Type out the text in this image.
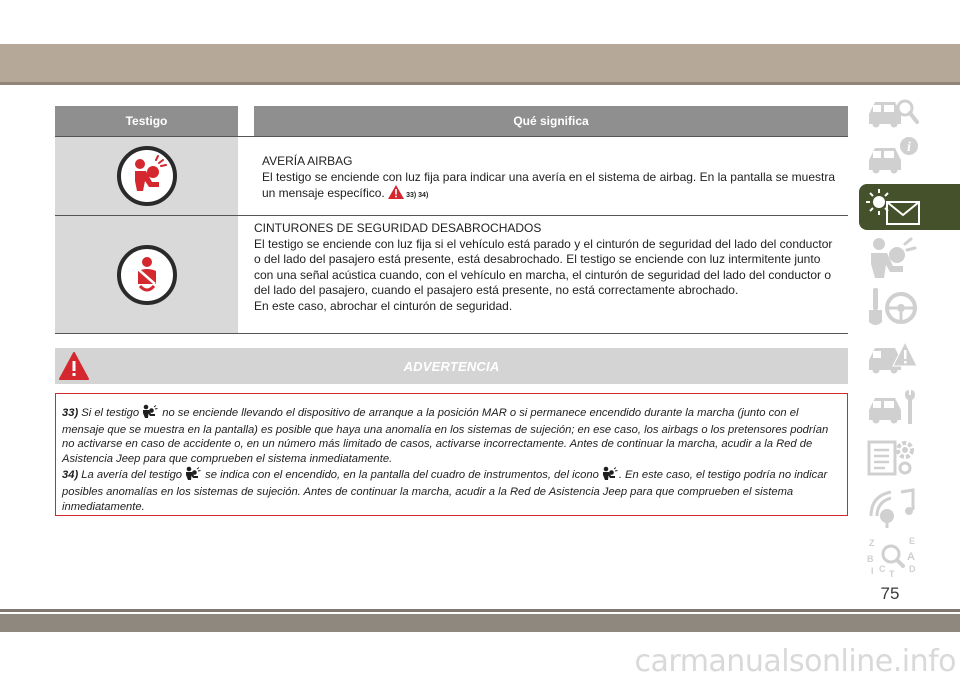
Testigo	Qué significa
AVERÍA AIRBAG
El testigo se enciende con luz fija para indicar una avería en el sistema de airbag. En la pantalla se muestra un mensaje específico.	33) 34)
CINTURONES DE SEGURIDAD DESABROCHADOS
El testigo se enciende con luz fija si el vehículo está parado y el cinturón de seguridad del lado del conductor o del lado del pasajero está presente, está desabrochado. El testigo se enciende con luz intermitente junto con una señal acústica cuando, con el vehículo en marcha, el cinturón de seguridad del lado del conductor o del lado del pasajero, cuando el pasajero está presente, no está correctamente abrochado.
En este caso, abrochar el cinturón de seguridad.
ADVERTENCIA

33) Si el testigo no se enciende llevando el dispositivo de arranque a la posición MAR o si permanece encendido durante la marcha (junto con el mensaje que se muestra en la pantalla) es posible que haya una anomalía en los sistemas de sujeción; en ese caso, los airbags o los pretensores podrían no activarse en caso de accidente o, en un número más limitado de casos, activarse incorrectamente. Antes de continuar la marcha, acudir a la Red de Asistencia Jeep para que comprueben el sistema inmediatamente.

34) La avería del testigo se indica con el encendido, en la pantalla del cuadro de instrumentos, del icono . En este caso, el testigo podría no indicar posibles anomalías en los sistemas de sujeción. Antes de continuar la marcha, acudir a la Red de Asistencia Jeep para que comprueben el sistema inmediatamente.

i
Z	E
B	A
I C T D
75
carmanualsonline.info
